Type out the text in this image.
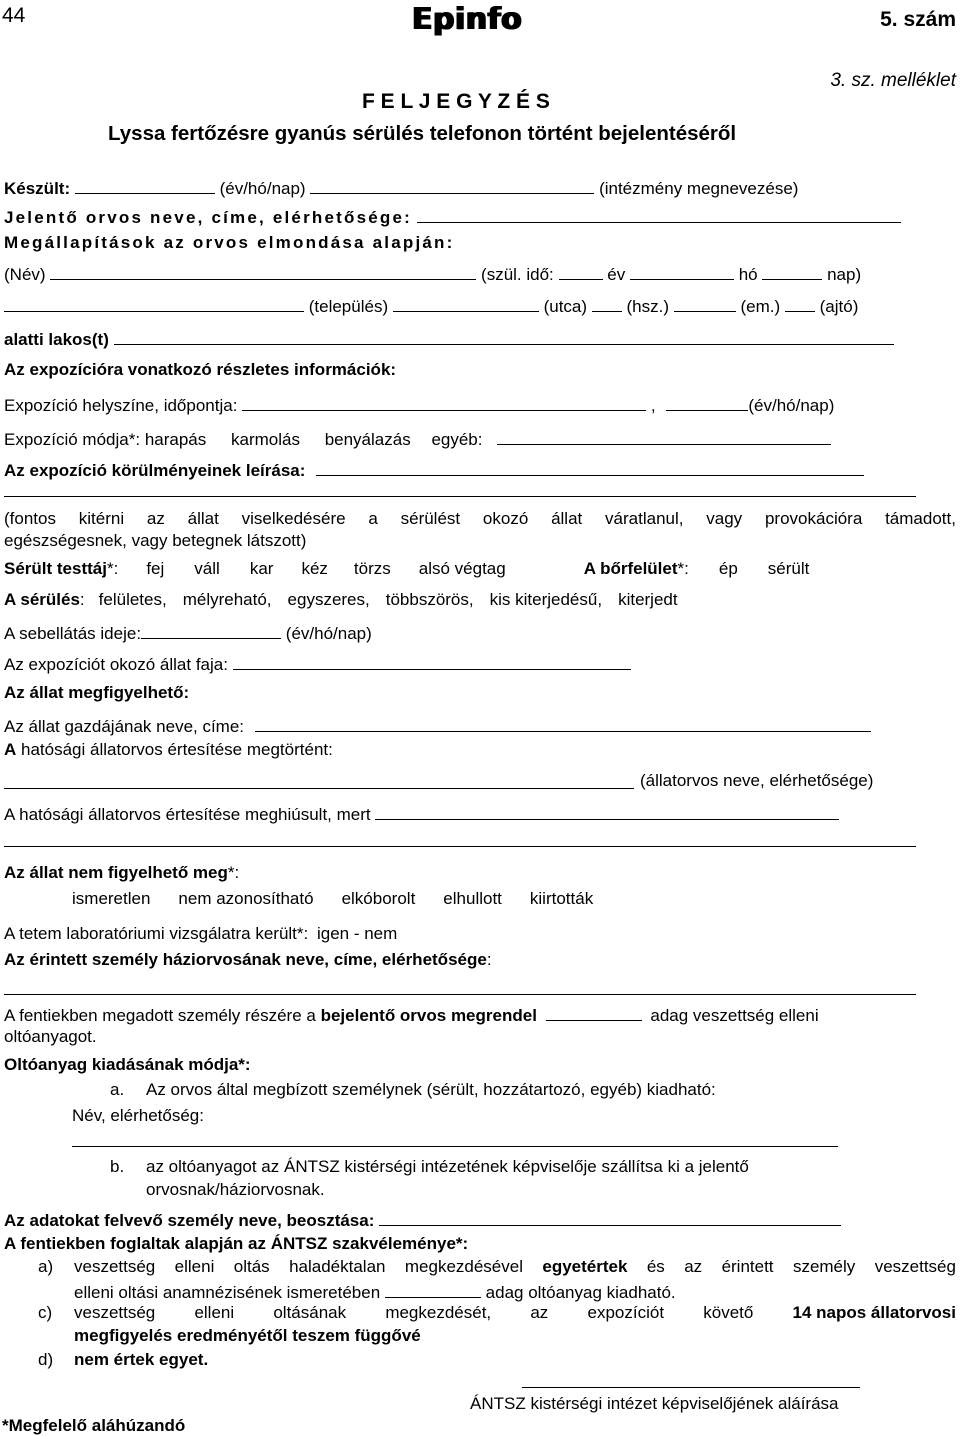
44	Epinfo	5. szám
3. sz. melléklet
F E L J E G Y Z É S
Lyssa fertőzésre gyanús sérülés telefonon történt bejelentéséről
Készült:	(év/hó/nap)	(intézmény megnevezése)
Jelentő orvos neve, címe, elérhetősége:
Megállapítások az orvos elmondása alapján:
(Név)	(szül. idő:	év	hó	nap)
(település)	(utca) (hsz.)	(em.) (ajtó)
alatti lakos(t)
Az expozícióra vonatkozó részletes információk:
Expozíció helyszíne, időpontja:	,	(év/hó/nap)
Expozíció módja*: harapás karmolás benyálazás egyéb:
Az expozíció körülményeinek leírása:
(fontos kitérni az állat viselkedésére a sérülést okozó állat váratlanul, vagy provokációra támadott,
egészségesnek, vagy betegnek látszott)
Sérült testtáj*: fej váll kar kéz törzs alsó végtag	A bőrfelület*: ép sérült
A sérülés: felületes, mélyreható, egyszeres, többszörös, kis kiterjedésű, kiterjedt
A sebellátás ideje:	(év/hó/nap)
Az expozíciót okozó állat faja:
Az állat megfigyelhető:
Az állat gazdájának neve, címe:
A hatósági állatorvos értesítése megtörtént:
(állatorvos neve, elérhetősége)
A hatósági állatorvos értesítése meghiúsult, mert
Az állat nem figyelhető meg*:
ismeretlen nem azonosítható elkóborolt elhullott kiirtották
A tetem laboratóriumi vizsgálatra került*: igen - nem
Az érintett személy háziorvosának neve, címe, elérhetősége:
A fentiekben megadott személy részére a bejelentő orvos megrendel	adag veszettség elleni
oltóanyagot.
Oltóanyag kiadásának módja*:
a. Az orvos által megbízott személynek (sérült, hozzátartozó, egyéb) kiadható:
Név, elérhetőség:
b. az oltóanyagot az ÁNTSZ kistérségi intézetének képviselője szállítsa ki a jelentő
orvosnak/háziorvosnak.
Az adatokat felvevő személy neve, beosztása:
A fentiekben foglaltak alapján az ÁNTSZ szakvéleménye*:
a) veszettség elleni oltás haladéktalan megkezdésével egyetértek és az érintett személy veszettség
elleni oltási anamnézisének ismeretében	adag oltóanyag kiadható.
c) veszettség elleni oltásának megkezdését, az expozíciót követő 14 napos állatorvosi
megfigyelés eredményétől teszem függővé
d) nem értek egyet.
ÁNTSZ kistérségi intézet képviselőjének aláírása
*Megfelelő aláhúzandó
